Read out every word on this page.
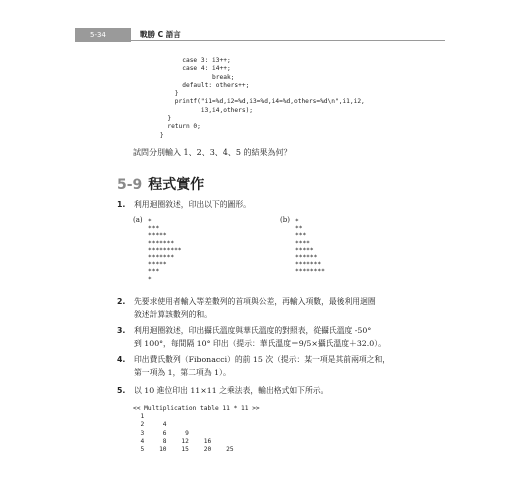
5-34	戰勝 C 語言
case 3: i3++;
case 4: i4++;
break;
default: others++;
}
printf("i1=%d,i2=%d,i3=%d,i4=%d,others=%d\n",i1,i2,
i3,i4,others);
}
return 0;
}
試問分別輸入 1、2、3、4、5 的結果為何？
5-9 程式實作
1. 利用迴圈敘述，印出以下的圖形。
(a) *
***
*****
*******
*********
*******
*****
***
*
(b) *
**
***
****
*****
******
*******
********
2. 先要求使用者輸入等差數列的首項與公差，再輸入項數，最後利用迴圈
敘述計算該數列的和。
3. 利用迴圈敘述，印出攝氏溫度與華氏溫度的對照表，從攝氏溫度 -50°
到 100°，每間隔 10° 印出（提示：華氏溫度＝9/5×攝氏溫度＋32.0）。
4. 印出費氏數列（Fibonacci）的前 15 次（提示：某一項是其前兩項之和，
第一項為 1，第二項為 1）。
5. 以 10 進位印出 11×11 之乘法表，輸出格式如下所示。
<< Multiplication table 11 * 11 >>
1
2     4
3     6     9
4     8    12    16
5    10    15    20    25
